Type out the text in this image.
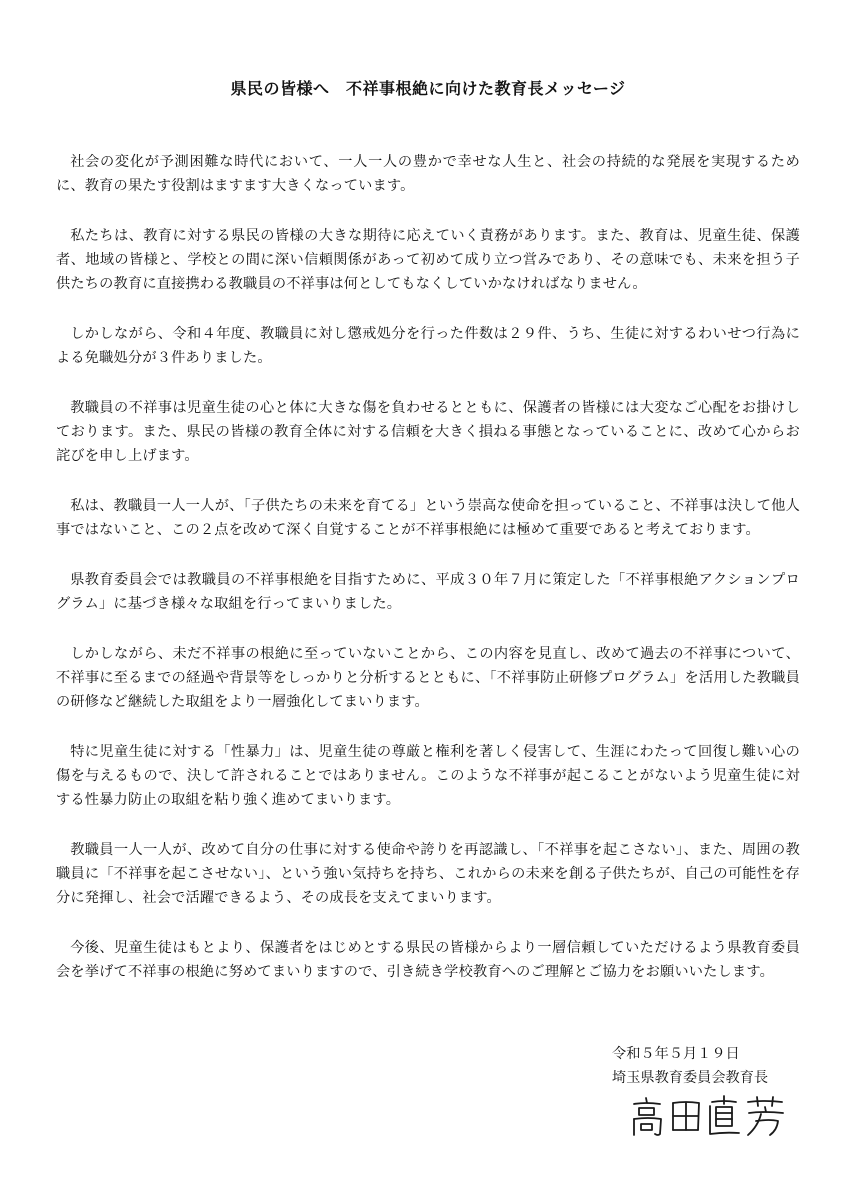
県民の皆様へ　不祥事根絶に向けた教育長メッセージ

社会の変化が予測困難な時代において、一人一人の豊かで幸せな人生と、社会の持続的な発展を実現するために、教育の果たす役割はますます大きくなっています。

私たちは、教育に対する県民の皆様の大きな期待に応えていく責務があります。また、教育は、児童生徒、保護者、地域の皆様と、学校との間に深い信頼関係があって初めて成り立つ営みであり、その意味でも、未来を担う子供たちの教育に直接携わる教職員の不祥事は何としてもなくしていかなければなりません。

しかしながら、令和４年度、教職員に対し懲戒処分を行った件数は２９件、うち、生徒に対するわいせつ行為による免職処分が３件ありました。

教職員の不祥事は児童生徒の心と体に大きな傷を負わせるとともに、保護者の皆様には大変なご心配をお掛けしております。また、県民の皆様の教育全体に対する信頼を大きく損ねる事態となっていることに、改めて心からお詫びを申し上げます。

私は、教職員一人一人が、「子供たちの未来を育てる」という崇高な使命を担っていること、不祥事は決して他人事ではないこと、この２点を改めて深く自覚することが不祥事根絶には極めて重要であると考えております。

県教育委員会では教職員の不祥事根絶を目指すために、平成３０年７月に策定した「不祥事根絶アクションプログラム」に基づき様々な取組を行ってまいりました。

しかしながら、未だ不祥事の根絶に至っていないことから、この内容を見直し、改めて過去の不祥事について、不祥事に至るまでの経過や背景等をしっかりと分析するとともに、「不祥事防止研修プログラム」を活用した教職員の研修など継続した取組をより一層強化してまいります。

特に児童生徒に対する「性暴力」は、児童生徒の尊厳と権利を著しく侵害して、生涯にわたって回復し難い心の傷を与えるもので、決して許されることではありません。このような不祥事が起こることがないよう児童生徒に対する性暴力防止の取組を粘り強く進めてまいります。

教職員一人一人が、改めて自分の仕事に対する使命や誇りを再認識し、「不祥事を起こさない」、また、周囲の教職員に「不祥事を起こさせない」、という強い気持ちを持ち、これからの未来を創る子供たちが、自己の可能性を存分に発揮し、社会で活躍できるよう、その成長を支えてまいります。

今後、児童生徒はもとより、保護者をはじめとする県民の皆様からより一層信頼していただけるよう県教育委員会を挙げて不祥事の根絶に努めてまいりますので、引き続き学校教育へのご理解とご協力をお願いいたします。

令和５年５月１９日
埼玉県教育委員会教育長
